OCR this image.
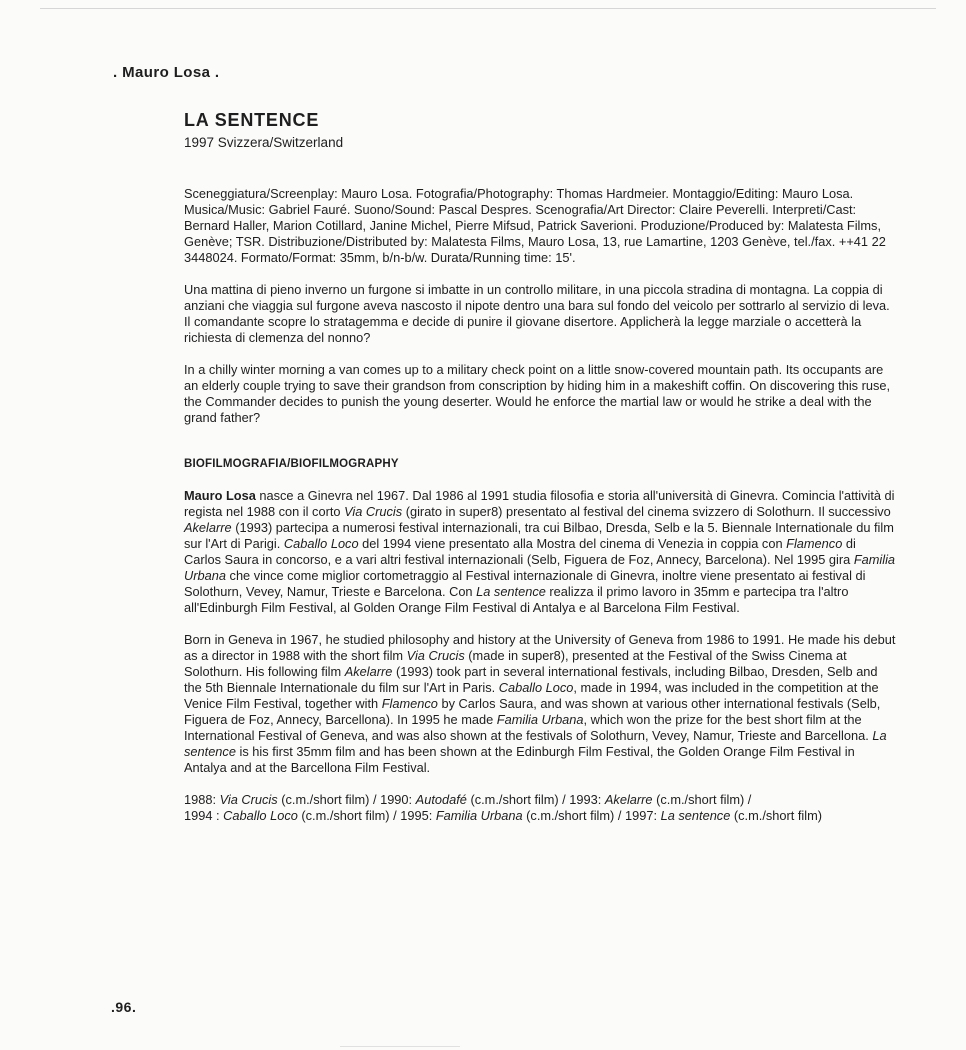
. Mauro Losa .
LA SENTENCE
1997 Svizzera/Switzerland

Sceneggiatura/Screenplay: Mauro Losa. Fotografia/Photography: Thomas Hardmeier. Montaggio/Editing: Mauro Losa. Musica/Music: Gabriel Fauré. Suono/Sound: Pascal Despres. Scenografia/Art Director: Claire Peverelli. Interpreti/Cast: Bernard Haller, Marion Cotillard, Janine Michel, Pierre Mifsud, Patrick Saverioni. Produzione/Produced by: Malatesta Films, Genève; TSR. Distribuzione/Distributed by: Malatesta Films, Mauro Losa, 13, rue Lamartine, 1203 Genève, tel./fax. ++41 22 3448024. Formato/Format: 35mm, b/n-b/w. Durata/Running time: 15'.

Una mattina di pieno inverno un furgone si imbatte in un controllo militare, in una piccola stradina di montagna. La coppia di anziani che viaggia sul furgone aveva nascosto il nipote dentro una bara sul fondo del veicolo per sottrarlo al servizio di leva. Il comandante scopre lo stratagemma e decide di punire il giovane disertore. Applicherà la legge marziale o accetterà la richiesta di clemenza del nonno?

In a chilly winter morning a van comes up to a military check point on a little snow-covered mountain path. Its occupants are an elderly couple trying to save their grandson from conscription by hiding him in a makeshift coffin. On discovering this ruse, the Commander decides to punish the young deserter. Would he enforce the martial law or would he strike a deal with the grand father?

BIOFILMOGRAFIA/BIOFILMOGRAPHY

Mauro Losa nasce a Ginevra nel 1967. Dal 1986 al 1991 studia filosofia e storia all'università di Ginevra. Comincia l'attività di regista nel 1988 con il corto Via Crucis (girato in super8) presentato al festival del cinema svizzero di Solothurn. Il successivo Akelarre (1993) partecipa a numerosi festival internazionali, tra cui Bilbao, Dresda, Selb e la 5. Biennale Internationale du film sur l'Art di Parigi. Caballo Loco del 1994 viene presentato alla Mostra del cinema di Venezia in coppia con Flamenco di Carlos Saura in concorso, e a vari altri festival internazionali (Selb, Figuera de Foz, Annecy, Barcelona). Nel 1995 gira Familia Urbana che vince come miglior cortometraggio al Festival internazionale di Ginevra, inoltre viene presentato ai festival di Solothurn, Vevey, Namur, Trieste e Barcelona. Con La sentence realizza il primo lavoro in 35mm e partecipa tra l'altro all'Edinburgh Film Festival, al Golden Orange Film Festival di Antalya e al Barcelona Film Festival.

Born in Geneva in 1967, he studied philosophy and history at the University of Geneva from 1986 to 1991. He made his debut as a director in 1988 with the short film Via Crucis (made in super8), presented at the Festival of the Swiss Cinema at Solothurn. His following film Akelarre (1993) took part in several international festivals, including Bilbao, Dresden, Selb and the 5th Biennale Internationale du film sur l'Art in Paris. Caballo Loco, made in 1994, was included in the competition at the Venice Film Festival, together with Flamenco by Carlos Saura, and was shown at various other international festivals (Selb, Figuera de Foz, Annecy, Barcellona). In 1995 he made Familia Urbana, which won the prize for the best short film at the International Festival of Geneva, and was also shown at the festivals of Solothurn, Vevey, Namur, Trieste and Barcellona. La sentence is his first 35mm film and has been shown at the Edinburgh Film Festival, the Golden Orange Film Festival in Antalya and at the Barcellona Film Festival.

1988: Via Crucis (c.m./short film) / 1990: Autodafé (c.m./short film) / 1993: Akelarre (c.m./short film) /
1994 : Caballo Loco (c.m./short film) / 1995: Familia Urbana (c.m./short film) / 1997: La sentence (c.m./short film)

.96.
